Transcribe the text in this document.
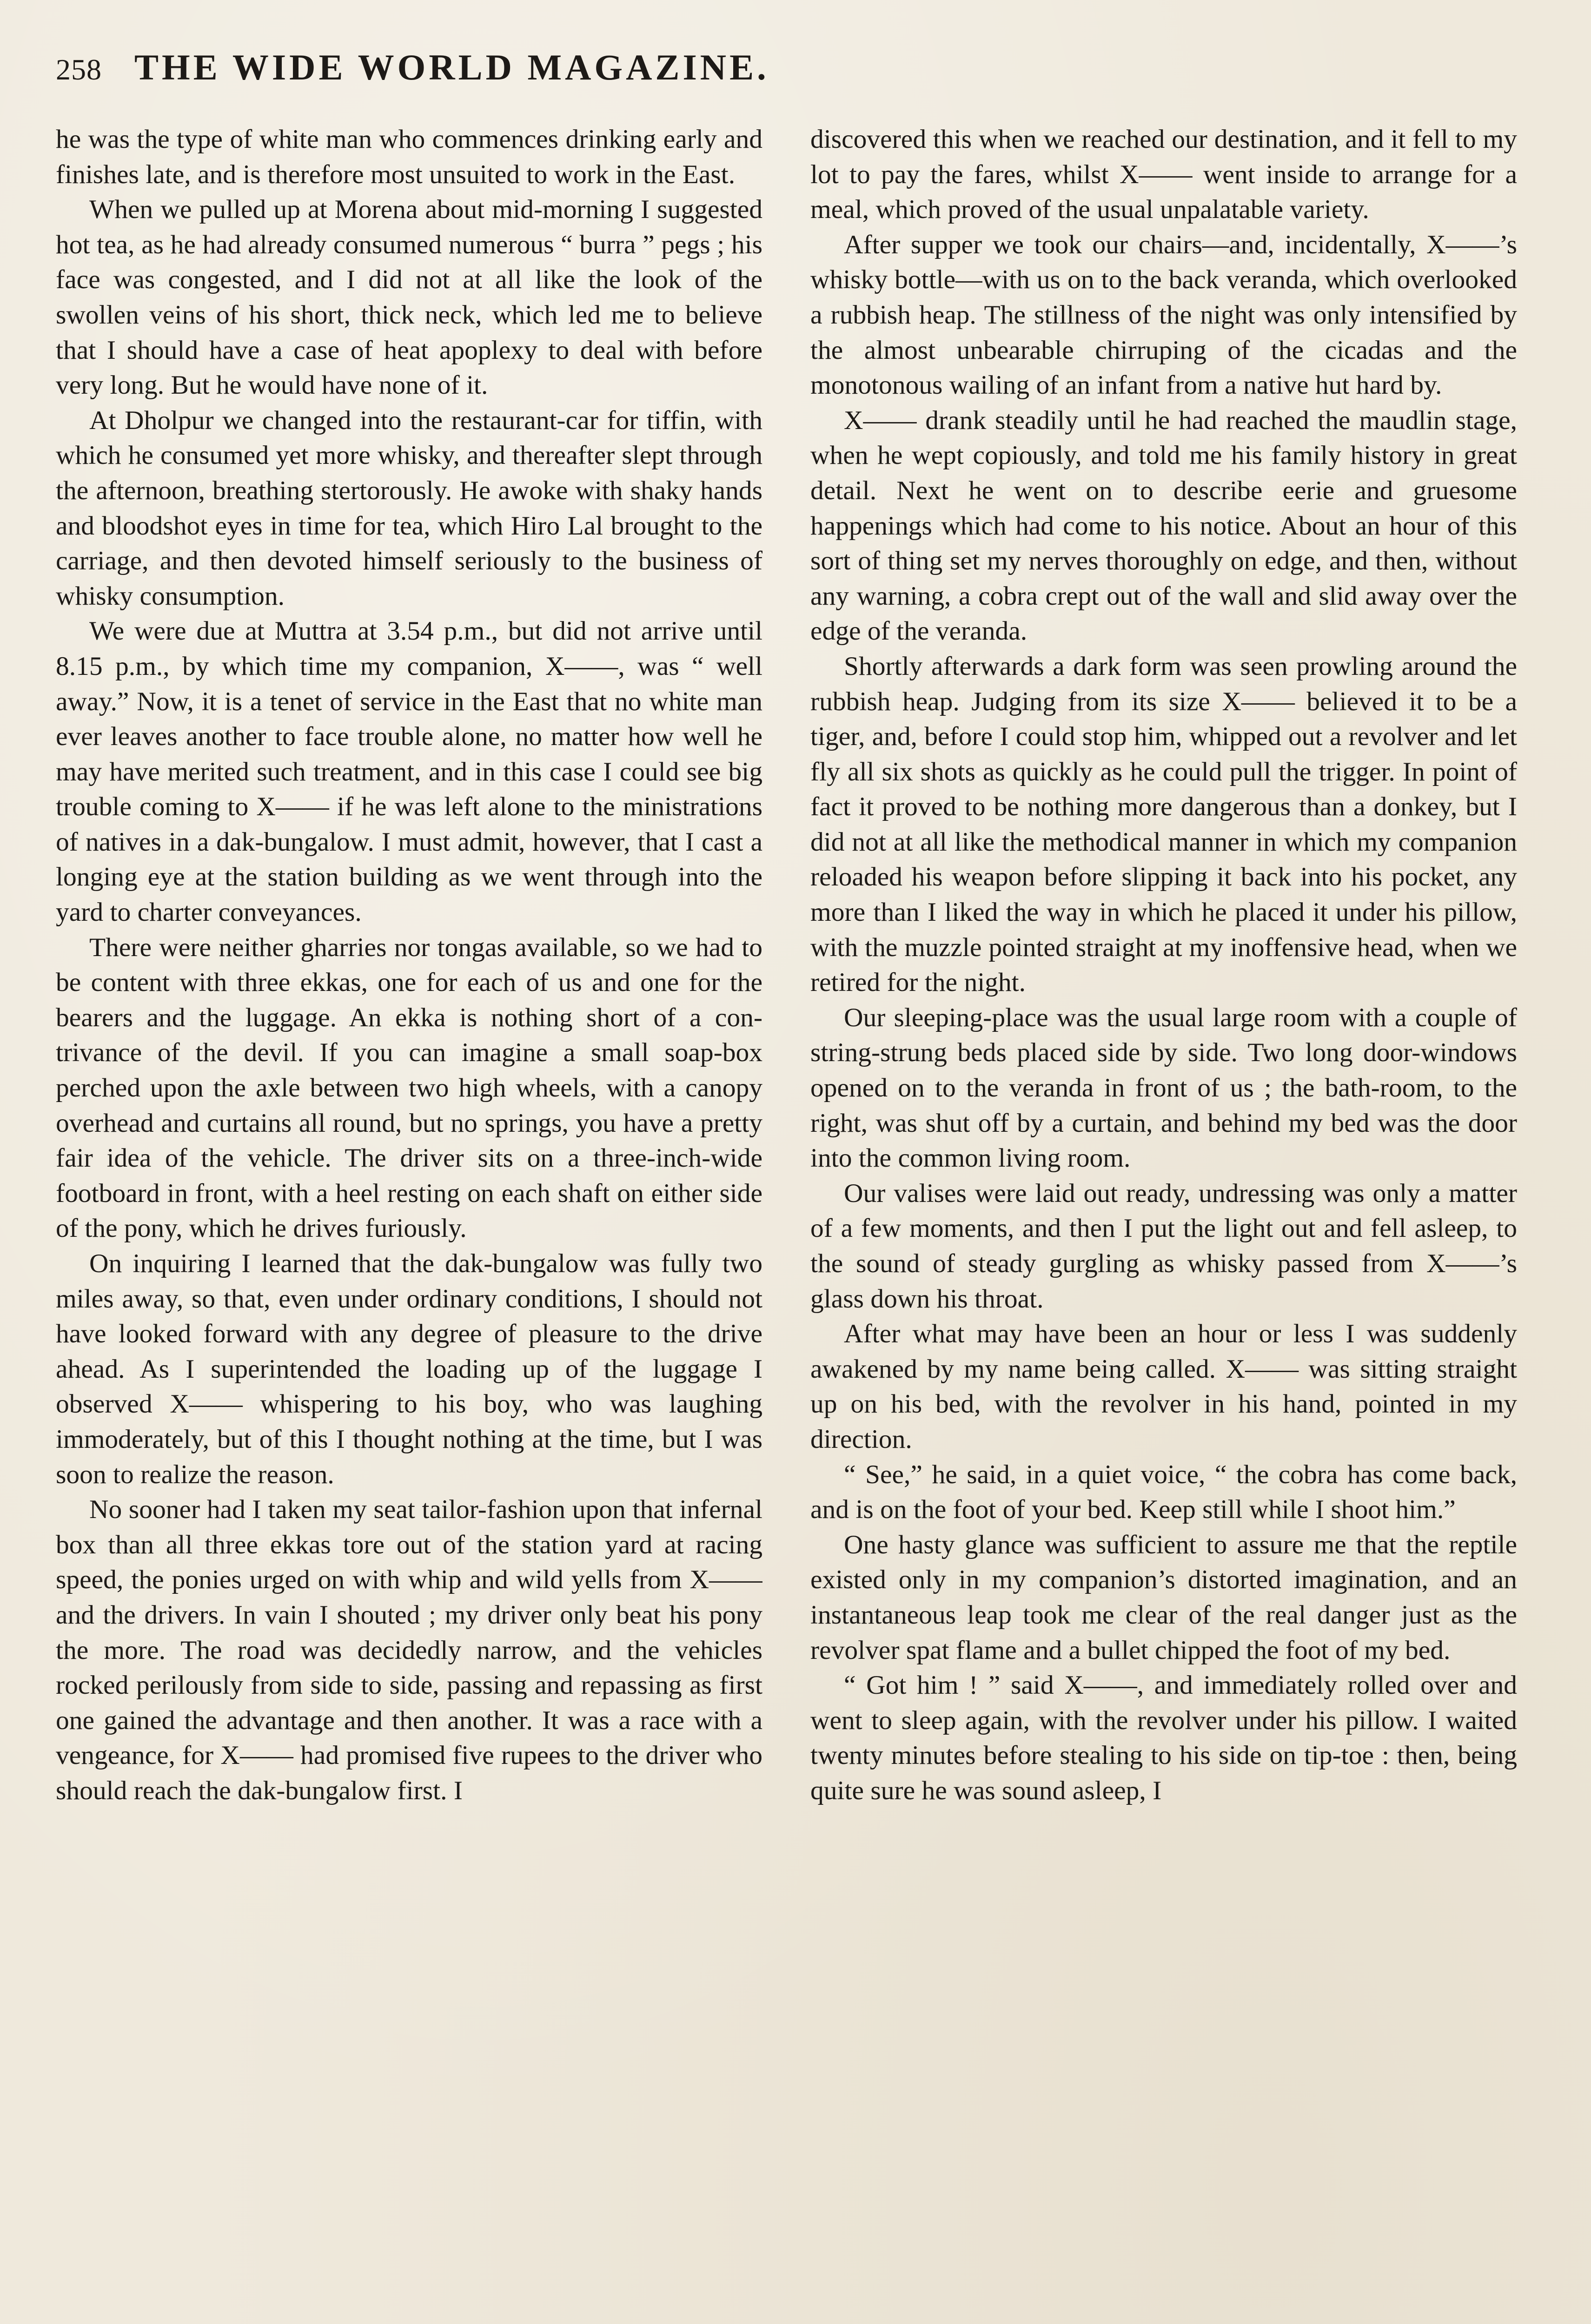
258 THE WIDE WORLD MAGAZINE.

he was the type of white man who commences drinking early and finishes late, and is therefore most unsuited to work in the East.

When we pulled up at Morena about mid-morning I suggested hot tea, as he had already consumed numerous “ burra ” pegs ; his face was congested, and I did not at all like the look of the swollen veins of his short, thick neck, which led me to believe that I should have a case of heat apoplexy to deal with before very long. But he would have none of it.

At Dholpur we changed into the restaurant-car for tiffin, with which he consumed yet more whisky, and thereafter slept through the afternoon, breathing stertorously. He awoke with shaky hands and bloodshot eyes in time for tea, which Hiro Lal brought to the carriage, and then devoted himself seriously to the business of whisky consumption.

We were due at Muttra at 3.54 p.m., but did not arrive until 8.15 p.m., by which time my companion, X——, was “ well away.” Now, it is a tenet of service in the East that no white man ever leaves another to face trouble alone, no matter how well he may have merited such treatment, and in this case I could see big trouble coming to X—— if he was left alone to the ministrations of natives in a dak-bungalow. I must admit, however, that I cast a longing eye at the station building as we went through into the yard to charter conveyances.

There were neither gharries nor tongas available, so we had to be content with three ekkas, one for each of us and one for the bearers and the luggage. An ekka is nothing short of a contrivance of the devil. If you can imagine a small soap-box perched upon the axle between two high wheels, with a canopy overhead and curtains all round, but no springs, you have a pretty fair idea of the vehicle. The driver sits on a three-inch-wide footboard in front, with a heel resting on each shaft on either side of the pony, which he drives furiously.

On inquiring I learned that the dak-bungalow was fully two miles away, so that, even under ordinary conditions, I should not have looked forward with any degree of pleasure to the drive ahead. As I superintended the loading up of the luggage I observed X—— whispering to his boy, who was laughing immoderately, but of this I thought nothing at the time, but I was soon to realize the reason.

No sooner had I taken my seat tailor-fashion upon that infernal box than all three ekkas tore out of the station yard at racing speed, the ponies urged on with whip and wild yells from X—— and the drivers. In vain I shouted ; my driver only beat his pony the more. The road was decidedly narrow, and the vehicles rocked perilously from side to side, passing and repassing as first one gained the advantage and then another. It was a race with a vengeance, for X—— had promised five rupees to the driver who should reach the dak-bungalow first. I

discovered this when we reached our destination, and it fell to my lot to pay the fares, whilst X—— went inside to arrange for a meal, which proved of the usual unpalatable variety.

After supper we took our chairs—and, incidentally, X——’s whisky bottle—with us on to the back veranda, which overlooked a rubbish heap. The stillness of the night was only intensified by the almost unbearable chirruping of the cicadas and the monotonous wailing of an infant from a native hut hard by.

X—— drank steadily until he had reached the maudlin stage, when he wept copiously, and told me his family history in great detail. Next he went on to describe eerie and gruesome happenings which had come to his notice. About an hour of this sort of thing set my nerves thoroughly on edge, and then, without any warning, a cobra crept out of the wall and slid away over the edge of the veranda.

Shortly afterwards a dark form was seen prowling around the rubbish heap. Judging from its size X—— believed it to be a tiger, and, before I could stop him, whipped out a revolver and let fly all six shots as quickly as he could pull the trigger. In point of fact it proved to be nothing more dangerous than a donkey, but I did not at all like the methodical manner in which my companion reloaded his weapon before slipping it back into his pocket, any more than I liked the way in which he placed it under his pillow, with the muzzle pointed straight at my inoffensive head, when we retired for the night.

Our sleeping-place was the usual large room with a couple of string-strung beds placed side by side. Two long door-windows opened on to the veranda in front of us ; the bath-room, to the right, was shut off by a curtain, and behind my bed was the door into the common living room.

Our valises were laid out ready, undressing was only a matter of a few moments, and then I put the light out and fell asleep, to the sound of steady gurgling as whisky passed from X——’s glass down his throat.

After what may have been an hour or less I was suddenly awakened by my name being called. X—— was sitting straight up on his bed, with the revolver in his hand, pointed in my direction.

“ See,” he said, in a quiet voice, “ the cobra has come back, and is on the foot of your bed. Keep still while I shoot him.”

One hasty glance was sufficient to assure me that the reptile existed only in my companion’s distorted imagination, and an instantaneous leap took me clear of the real danger just as the revolver spat flame and a bullet chipped the foot of my bed.

“ Got him ! ” said X——, and immediately rolled over and went to sleep again, with the revolver under his pillow. I waited twenty minutes before stealing to his side on tip-toe : then, being quite sure he was sound asleep, I
